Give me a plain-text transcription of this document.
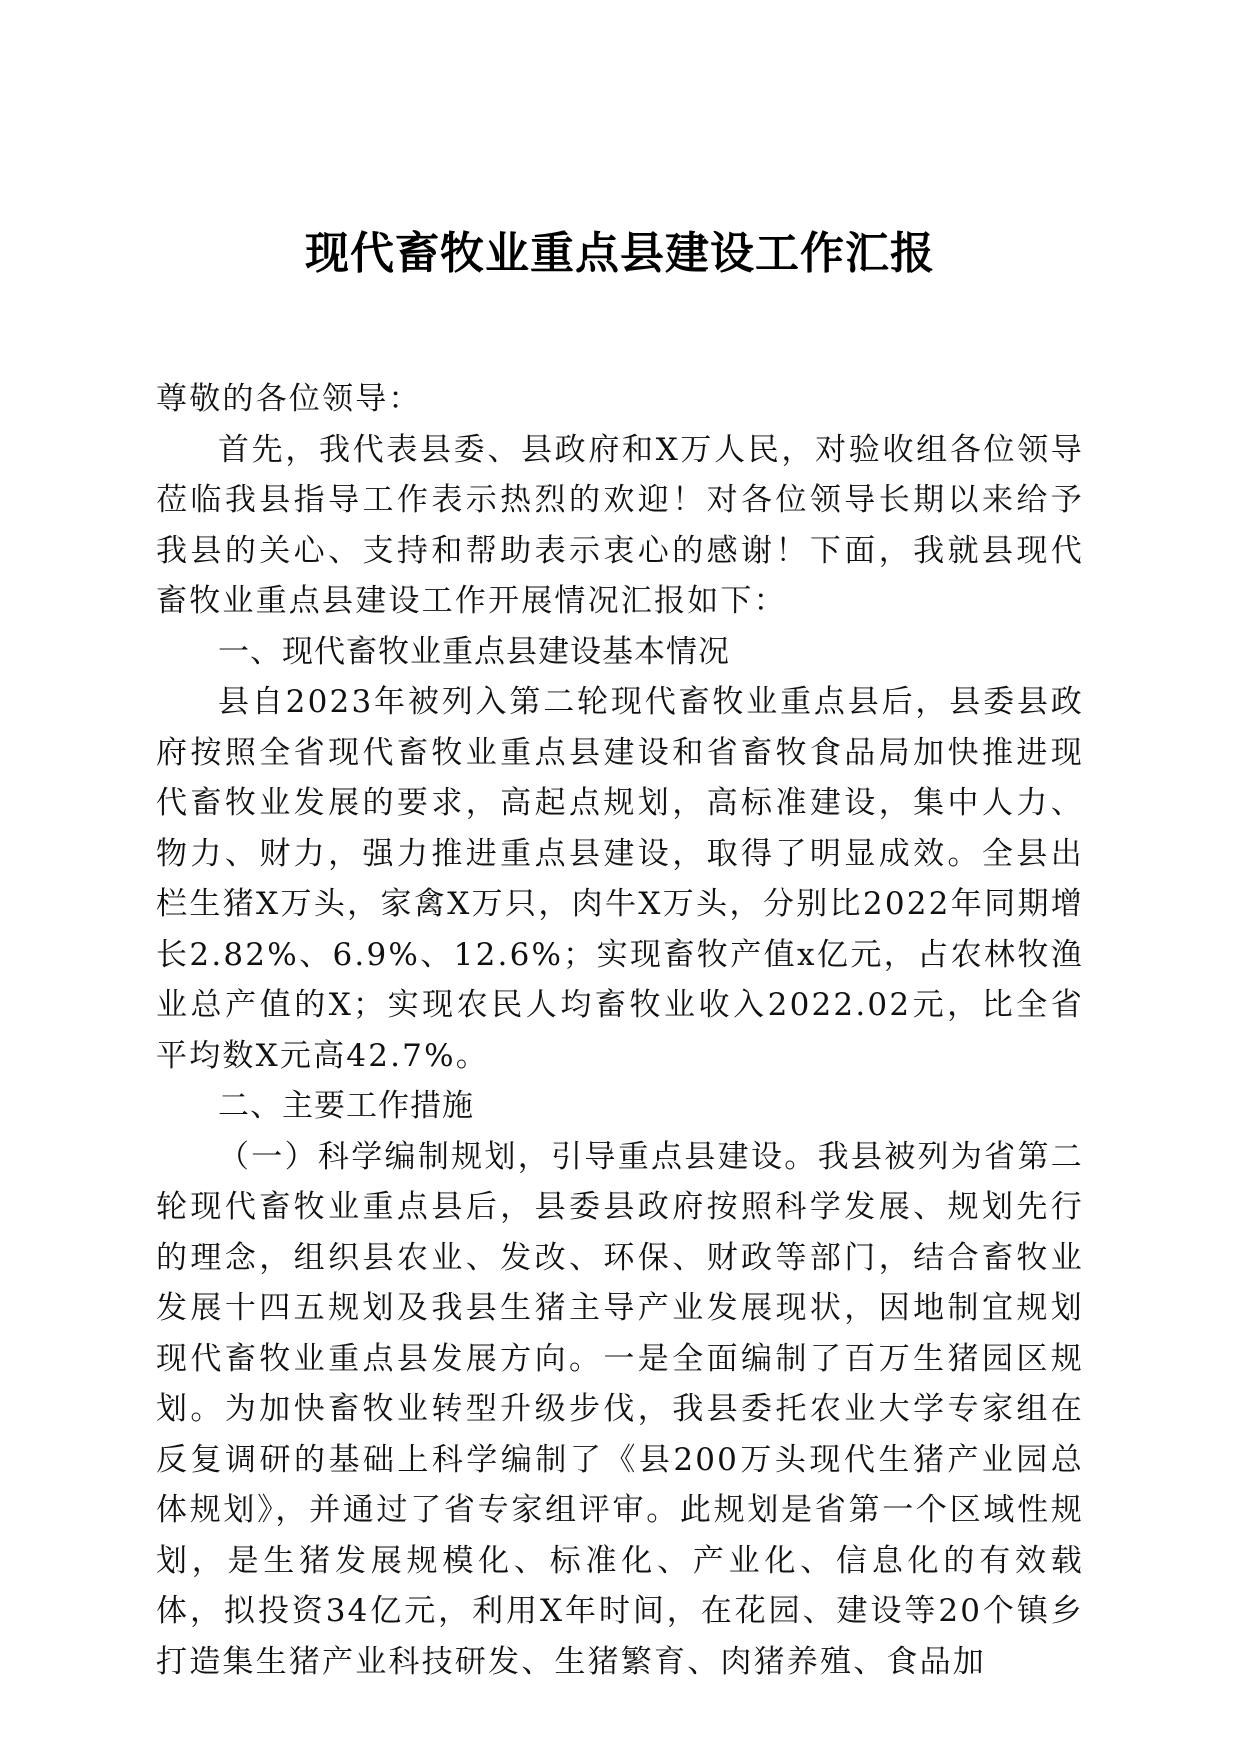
现代畜牧业重点县建设工作汇报

尊敬的各位领导：

首先，我代表县委、县政府和X万人民，对验收组各位领导莅临我县指导工作表示热烈的欢迎！对各位领导长期以来给予我县的关心、支持和帮助表示衷心的感谢！下面，我就县现代畜牧业重点县建设工作开展情况汇报如下：

一、现代畜牧业重点县建设基本情况

县自2023年被列入第二轮现代畜牧业重点县后，县委县政府按照全省现代畜牧业重点县建设和省畜牧食品局加快推进现代畜牧业发展的要求，高起点规划，高标准建设，集中人力、物力、财力，强力推进重点县建设，取得了明显成效。全县出栏生猪X万头，家禽X万只，肉牛X万头，分别比2022年同期增长2.82%、6.9%、12.6%；实现畜牧产值x亿元，占农林牧渔业总产值的X；实现农民人均畜牧业收入2022.02元，比全省平均数X元高42.7%。

二、主要工作措施

（一）科学编制规划，引导重点县建设。我县被列为省第二轮现代畜牧业重点县后，县委县政府按照科学发展、规划先行的理念，组织县农业、发改、环保、财政等部门，结合畜牧业发展十四五规划及我县生猪主导产业发展现状，因地制宜规划现代畜牧业重点县发展方向。一是全面编制了百万生猪园区规划。为加快畜牧业转型升级步伐，我县委托农业大学专家组在反复调研的基础上科学编制了《县200万头现代生猪产业园总体规划》，并通过了省专家组评审。此规划是省第一个区域性规划，是生猪发展规模化、标准化、产业化、信息化的有效载体，拟投资34亿元，利用X年时间，在花园、建设等20个镇乡打造集生猪产业科技研发、生猪繁育、肉猪养殖、食品加
